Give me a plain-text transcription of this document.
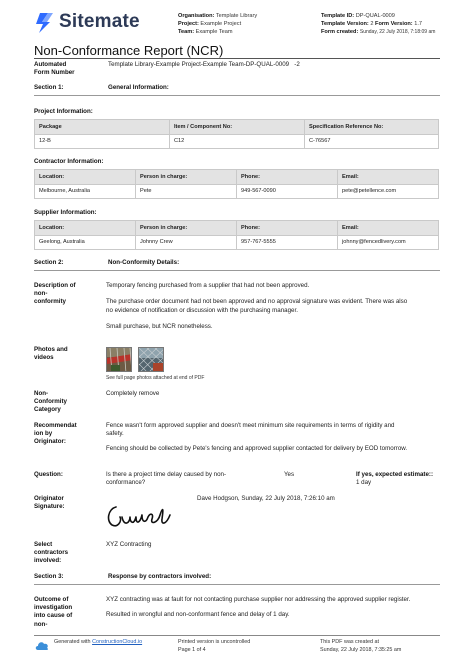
Sitemate	Organisation: Template Library
Project: Example Project
Team: Example Team
Template ID: DP-QUAL-0009
Template Version: 2 Form Version: 1.7
Form created: Sunday, 22 July 2018, 7:18:09 am
Non-Conformance Report (NCR)
Automated
Form Number
Template Library-Example Project-Example Team-DP-QUAL-0009   -2
Section 1:	General Information:
Project Information:
Package	Item / Component No:	Specification Reference No:
12-B	C12	C-76567
Contractor Information:
Location:	Person in charge:	Phone:	Email:
Melbourne, Australia	Pete	949-567-0090	pete@petellence.com
Supplier Information:
Location:	Person in charge:	Phone:	Email:
Geelong, Australia	Johnny Crew	957-767-5555	johnny@fencedlivery.com
Section 2:	Non-Conformity Details:
Description of
non-
conformity
Temporary fencing purchased from a supplier that had not been approved.
The purchase order document had not been approved and no approval signature was evident. There was also
no evidence of notification or discussion with the purchasing manager.
Small purchase, but NCR nonetheless.
Photos and
videos
See full page photos attached at end of PDF
Non-
Conformity
Category
Completely remove
Recommendat
ion by
Originator:
Fence wasn't form approved supplier and doesn't meet minimum site requirements in terms of rigidity and
safety.
Fencing should be collected by Pete's fencing and approved supplier contacted for delivery by EOD tomorrow.
Question:	Is there a project time delay caused by non-
conformance?
Yes	If yes, expected estimate::
1 day
Originator
Signature:
Dave Hodgson, Sunday, 22 July 2018, 7:26:10 am
Select
contractors
involved:
XYZ Contracting
Section 3:	Response by contractors involved:
Outcome of
investigation
into cause of
non-
XYZ contracting was at fault for not contacting purchase supplier nor addressing the approved supplier register.
Resulted in wrongful and non-conformant fence and delay of 1 day.
Generated with ConstructionCloud.io	Printed version is uncontrolled
Page 1 of 4
This PDF was created at
Sunday, 22 July 2018, 7:35:25 am
